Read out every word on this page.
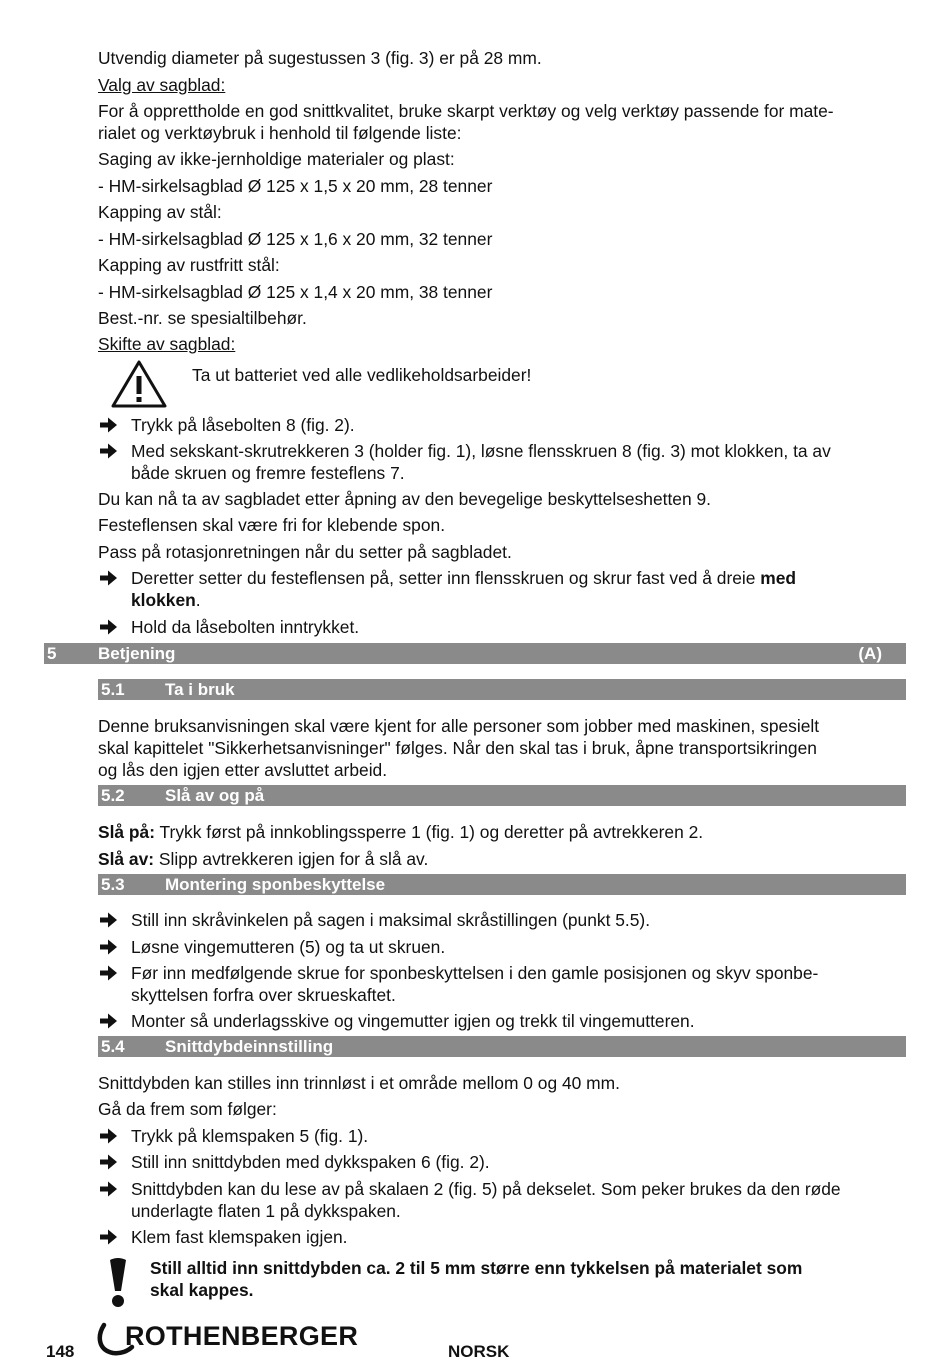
Utvendig diameter på sugestussen 3 (fig. 3) er på 28 mm.
Valg av sagblad:
For å opprettholde en god snittkvalitet, bruke skarpt verktøy og velg verktøy passende for mate-
rialet og verktøybruk i henhold til følgende liste:
Saging av ikke-jernholdige materialer og plast:
- HM-sirkelsagblad Ø 125 x 1,5 x 20 mm, 28 tenner
Kapping av stål:
- HM-sirkelsagblad Ø 125 x 1,6 x 20 mm, 32 tenner
Kapping av rustfritt stål:
- HM-sirkelsagblad Ø 125 x 1,4 x 20 mm, 38 tenner
Best.-nr. se spesialtilbehør.
Skifte av sagblad:
Ta ut batteriet ved alle vedlikeholdsarbeider!
Trykk på låsebolten 8 (fig. 2).
Med sekskant-skrutrekkeren 3 (holder fig. 1), løsne flensskruen 8 (fig. 3) mot klokken, ta av
både skruen og fremre festeflens 7.
Du kan nå ta av sagbladet etter åpning av den bevegelige beskyttelseshetten 9.
Festeflensen skal være fri for klebende spon.
Pass på rotasjonretningen når du setter på sagbladet.
Deretter setter du festeflensen på, setter inn flensskruen og skrur fast ved å dreie med
klokken.
Hold da låsebolten inntrykket.
5 Betjening	(A)
5.1 Ta i bruk
Denne bruksanvisningen skal være kjent for alle personer som jobber med maskinen, spesielt
skal kapittelet "Sikkerhetsanvisninger" følges. Når den skal tas i bruk, åpne transportsikringen
og lås den igjen etter avsluttet arbeid.
5.2 Slå av og på
Slå på: Trykk først på innkoblingssperre 1 (fig. 1) og deretter på avtrekkeren 2.
Slå av: Slipp avtrekkeren igjen for å slå av.
5.3 Montering sponbeskyttelse
Still inn skråvinkelen på sagen i maksimal skråstillingen (punkt 5.5).
Løsne vingemutteren (5) og ta ut skruen.
Før inn medfølgende skrue for sponbeskyttelsen i den gamle posisjonen og skyv sponbe-
skyttelsen forfra over skrueskaftet.
Monter så underlagsskive og vingemutter igjen og trekk til vingemutteren.
5.4 Snittdybdeinnstilling
Snittdybden kan stilles inn trinnløst i et område mellom 0 og 40 mm.
Gå da frem som følger:
Trykk på klemspaken 5 (fig. 1).
Still inn snittdybden med dykkspaken 6 (fig. 2).
Snittdybden kan du lese av på skalaen 2 (fig. 5) på dekselet. Som peker brukes da den røde
underlagte flaten 1 på dykkspaken.
Klem fast klemspaken igjen.
Still alltid inn snittdybden ca. 2 til 5 mm større enn tykkelsen på materialet som
skal kappes.
148
ROTHENBERGER
NORSK
